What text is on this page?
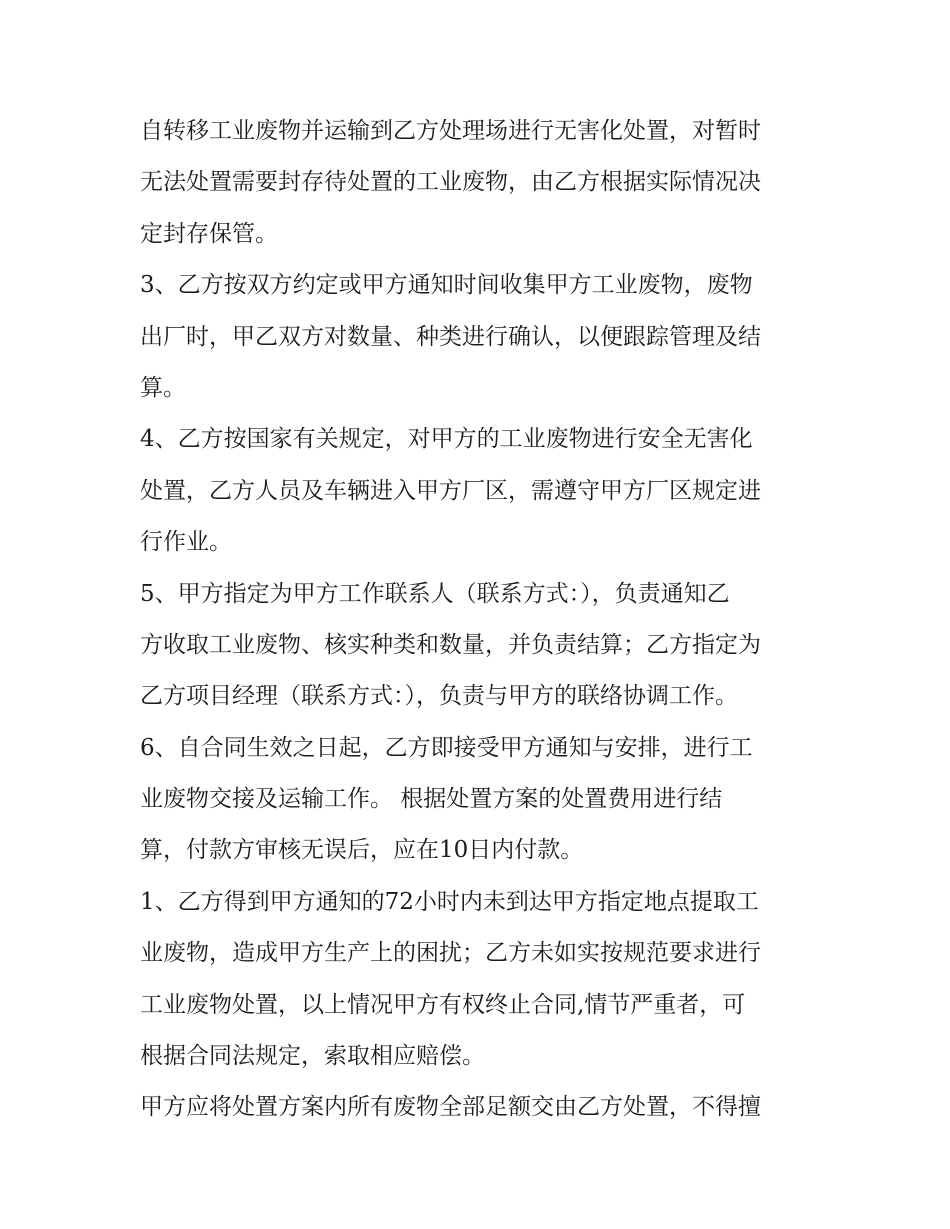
自转移工业废物并运输到乙方处理场进行无害化处置，对暂时
无法处置需要封存待处置的工业废物，由乙方根据实际情况决
定封存保管。
3、乙方按双方约定或甲方通知时间收集甲方工业废物，废物
出厂时，甲乙双方对数量、种类进行确认，以便跟踪管理及结
算。
4、乙方按国家有关规定，对甲方的工业废物进行安全无害化
处置，乙方人员及车辆进入甲方厂区，需遵守甲方厂区规定进
行作业。
5、甲方指定为甲方工作联系人（联系方式：），负责通知乙
方收取工业废物、核实种类和数量，并负责结算；乙方指定为
乙方项目经理（联系方式：），负责与甲方的联络协调工作。
6、自合同生效之日起，乙方即接受甲方通知与安排，进行工
业废物交接及运输工作。 根据处置方案的处置费用进行结
算，付款方审核无误后，应在10日内付款。
1、乙方得到甲方通知的72小时内未到达甲方指定地点提取工
业废物，造成甲方生产上的困扰；乙方未如实按规范要求进行
工业废物处置，以上情况甲方有权终止合同,情节严重者，可
根据合同法规定，索取相应赔偿。
甲方应将处置方案内所有废物全部足额交由乙方处置，不得擅
